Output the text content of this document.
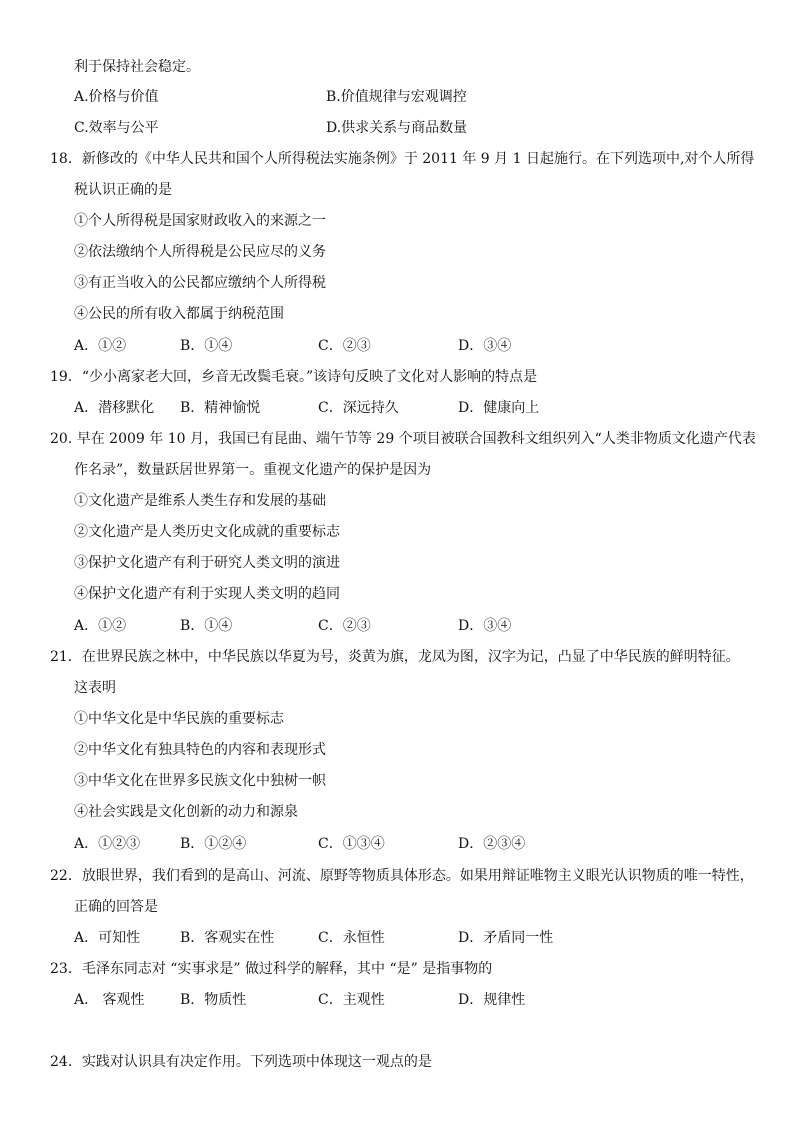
利于保持社会稳定。
A.价格与价值	B.价值规律与宏观调控
C.效率与公平	D.供求关系与商品数量
18．新修改的《中华人民共和国个人所得税法实施条例》于 2011 年 9 月 1 日起施行。在下列选项中,对个人所得
税认识正确的是
①个人所得税是国家财政收入的来源之一
②依法缴纳个人所得税是公民应尽的义务
③有正当收入的公民都应缴纳个人所得税
④公民的所有收入都属于纳税范围
A．①②	B．①④	C．②③	D．③④
19．“少小离家老大回，乡音无改鬓毛衰。”该诗句反映了文化对人影响的特点是
A．潜移默化 B．精神愉悦	C．深远持久	D．健康向上
20. 早在 2009 年 10 月，我国已有昆曲、端午节等 29 个项目被联合国教科文组织列入“人类非物质文化遗产代表
作名录”，数量跃居世界第一。重视文化遗产的保护是因为
①文化遗产是维系人类生存和发展的基础
②文化遗产是人类历史文化成就的重要标志
③保护文化遗产有利于研究人类文明的演进
④保护文化遗产有利于实现人类文明的趋同
A．①②	B．①④	C．②③	D．③④
21．在世界民族之林中，中华民族以华夏为号，炎黄为旗，龙凤为图，汉字为记，凸显了中华民族的鲜明特征。
这表明
①中华文化是中华民族的重要标志
②中华文化有独具特色的内容和表现形式
③中华文化在世界多民族文化中独树一帜
④社会实践是文化创新的动力和源泉
A．①②③	B．①②④	C．①③④	D．②③④
22．放眼世界，我们看到的是高山、河流、原野等物质具体形态。如果用辩证唯物主义眼光认识物质的唯一特性，
正确的回答是
A．可知性	B．客观实在性	C．永恒性	D．矛盾同一性
23．毛泽东同志对 “实事求是” 做过科学的解释，其中 “是” 是指事物的
A． 客观性	B．物质性	C．主观性	D．规律性
24．实践对认识具有决定作用。下列选项中体现这一观点的是
